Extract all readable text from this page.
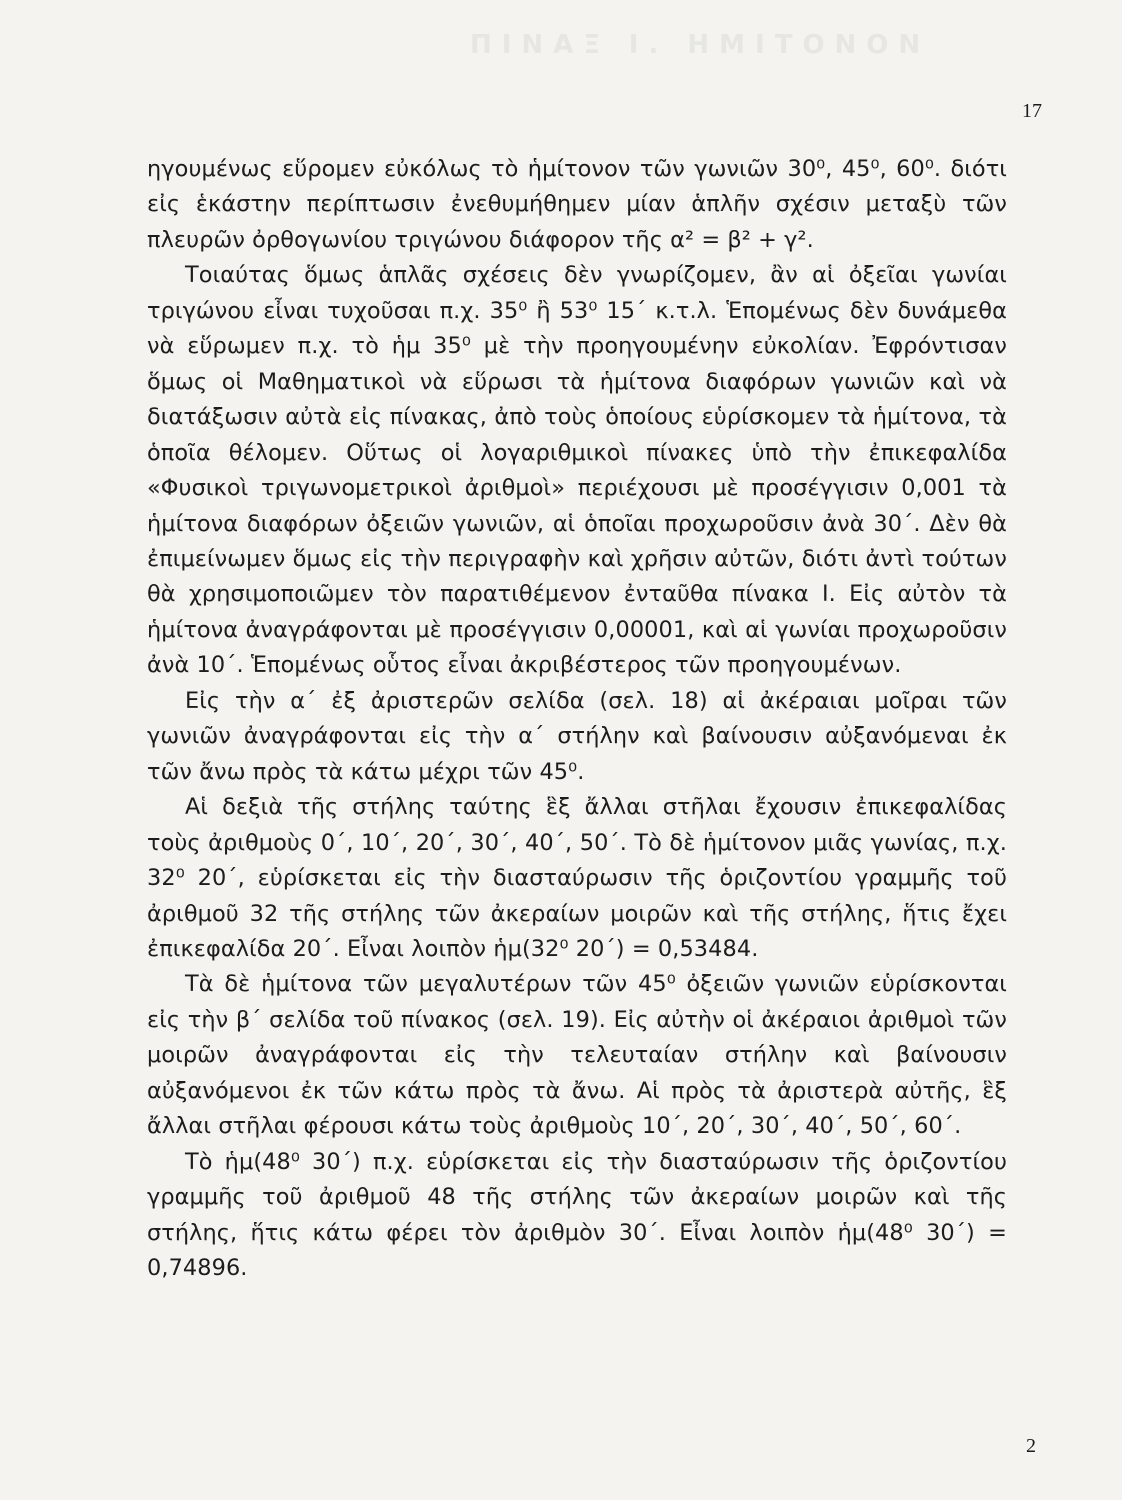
ΠΙΝΑΞ Ι. ΗΜΙΤΟΝΟΝ
17

ηγουμένως εὕρομεν εὐκόλως τὸ ἡμίτονον τῶν γωνιῶν 30⁰, 45⁰, 60⁰. διότι εἰς ἑκάστην περίπτωσιν ἐνεθυμήθημεν μίαν ἁπλῆν σχέσιν μεταξὺ τῶν πλευρῶν ὀρθογωνίου τριγώνου διάφορον τῆς α² = β² + γ².

Τοιαύτας ὅμως ἁπλᾶς σχέσεις δὲν γνωρίζομεν, ἂν αἱ ὀξεῖαι γωνίαι τριγώνου εἶναι τυχοῦσαι π.χ. 35⁰ ἢ 53⁰ 15΄ κ.τ.λ. Ἑπομένως δὲν δυνάμεθα νὰ εὕρωμεν π.χ. τὸ ἡμ 35⁰ μὲ τὴν προηγουμένην εὐκολίαν. Ἐφρόντισαν ὅμως οἱ Μαθηματικοὶ νὰ εὕρωσι τὰ ἡμίτονα διαφόρων γωνιῶν καὶ νὰ διατάξωσιν αὐτὰ εἰς πίνακας, ἀπὸ τοὺς ὁποίους εὑρίσκομεν τὰ ἡμίτονα, τὰ ὁποῖα θέλομεν. Οὕτως οἱ λογαριθμικοὶ πίνακες ὑπὸ τὴν ἐπικεφαλίδα «Φυσικοὶ τριγωνομετρικοὶ ἀριθμοὶ» περιέχουσι μὲ προσέγγισιν 0,001 τὰ ἡμίτονα διαφόρων ὀξειῶν γωνιῶν, αἱ ὁποῖαι προχωροῦσιν ἀνὰ 30΄. Δὲν θὰ ἐπιμείνωμεν ὅμως εἰς τὴν περιγραφὴν καὶ χρῆσιν αὐτῶν, διότι ἀντὶ τούτων θὰ χρησιμοποιῶμεν τὸν παρατιθέμενον ἐνταῦθα πίνακα Ι. Εἰς αὐτὸν τὰ ἡμίτονα ἀναγράφονται μὲ προσέγγισιν 0,00001, καὶ αἱ γωνίαι προχωροῦσιν ἀνὰ 10΄. Ἑπομένως οὗτος εἶναι ἀκριβέστερος τῶν προηγουμένων.

Εἰς τὴν α΄ ἐξ ἀριστερῶν σελίδα (σελ. 18) αἱ ἀκέραιαι μοῖραι τῶν γωνιῶν ἀναγράφονται εἰς τὴν α΄ στήλην καὶ βαίνουσιν αὐξανόμεναι ἐκ τῶν ἄνω πρὸς τὰ κάτω μέχρι τῶν 45⁰.

Αἱ δεξιὰ τῆς στήλης ταύτης ἓξ ἄλλαι στῆλαι ἔχουσιν ἐπικεφαλίδας τοὺς ἀριθμοὺς 0΄, 10΄, 20΄, 30΄, 40΄, 50΄. Τὸ δὲ ἡμίτονον μιᾶς γωνίας, π.χ. 32⁰ 20΄, εὑρίσκεται εἰς τὴν διασταύρωσιν τῆς ὁριζοντίου γραμμῆς τοῦ ἀριθμοῦ 32 τῆς στήλης τῶν ἀκεραίων μοιρῶν καὶ τῆς στήλης, ἥτις ἔχει ἐπικεφαλίδα 20΄. Εἶναι λοιπὸν ἡμ(32⁰ 20΄) = 0,53484.

Τὰ δὲ ἡμίτονα τῶν μεγαλυτέρων τῶν 45⁰ ὀξειῶν γωνιῶν εὑρίσκονται εἰς τὴν β΄ σελίδα τοῦ πίνακος (σελ. 19). Εἰς αὐτὴν οἱ ἀκέραιοι ἀριθμοὶ τῶν μοιρῶν ἀναγράφονται εἰς τὴν τελευταίαν στήλην καὶ βαίνουσιν αὐξανόμενοι ἐκ τῶν κάτω πρὸς τὰ ἄνω. Αἱ πρὸς τὰ ἀριστερὰ αὐτῆς, ἓξ ἄλλαι στῆλαι φέρουσι κάτω τοὺς ἀριθμοὺς 10΄, 20΄, 30΄, 40΄, 50΄, 60΄.

Τὸ ἡμ(48⁰ 30΄) π.χ. εὑρίσκεται εἰς τὴν διασταύρωσιν τῆς ὁριζοντίου γραμμῆς τοῦ ἀριθμοῦ 48 τῆς στήλης τῶν ἀκεραίων μοιρῶν καὶ τῆς στήλης, ἥτις κάτω φέρει τὸν ἀριθμὸν 30΄. Εἶναι λοιπὸν ἡμ(48⁰ 30΄) = 0,74896.

2
